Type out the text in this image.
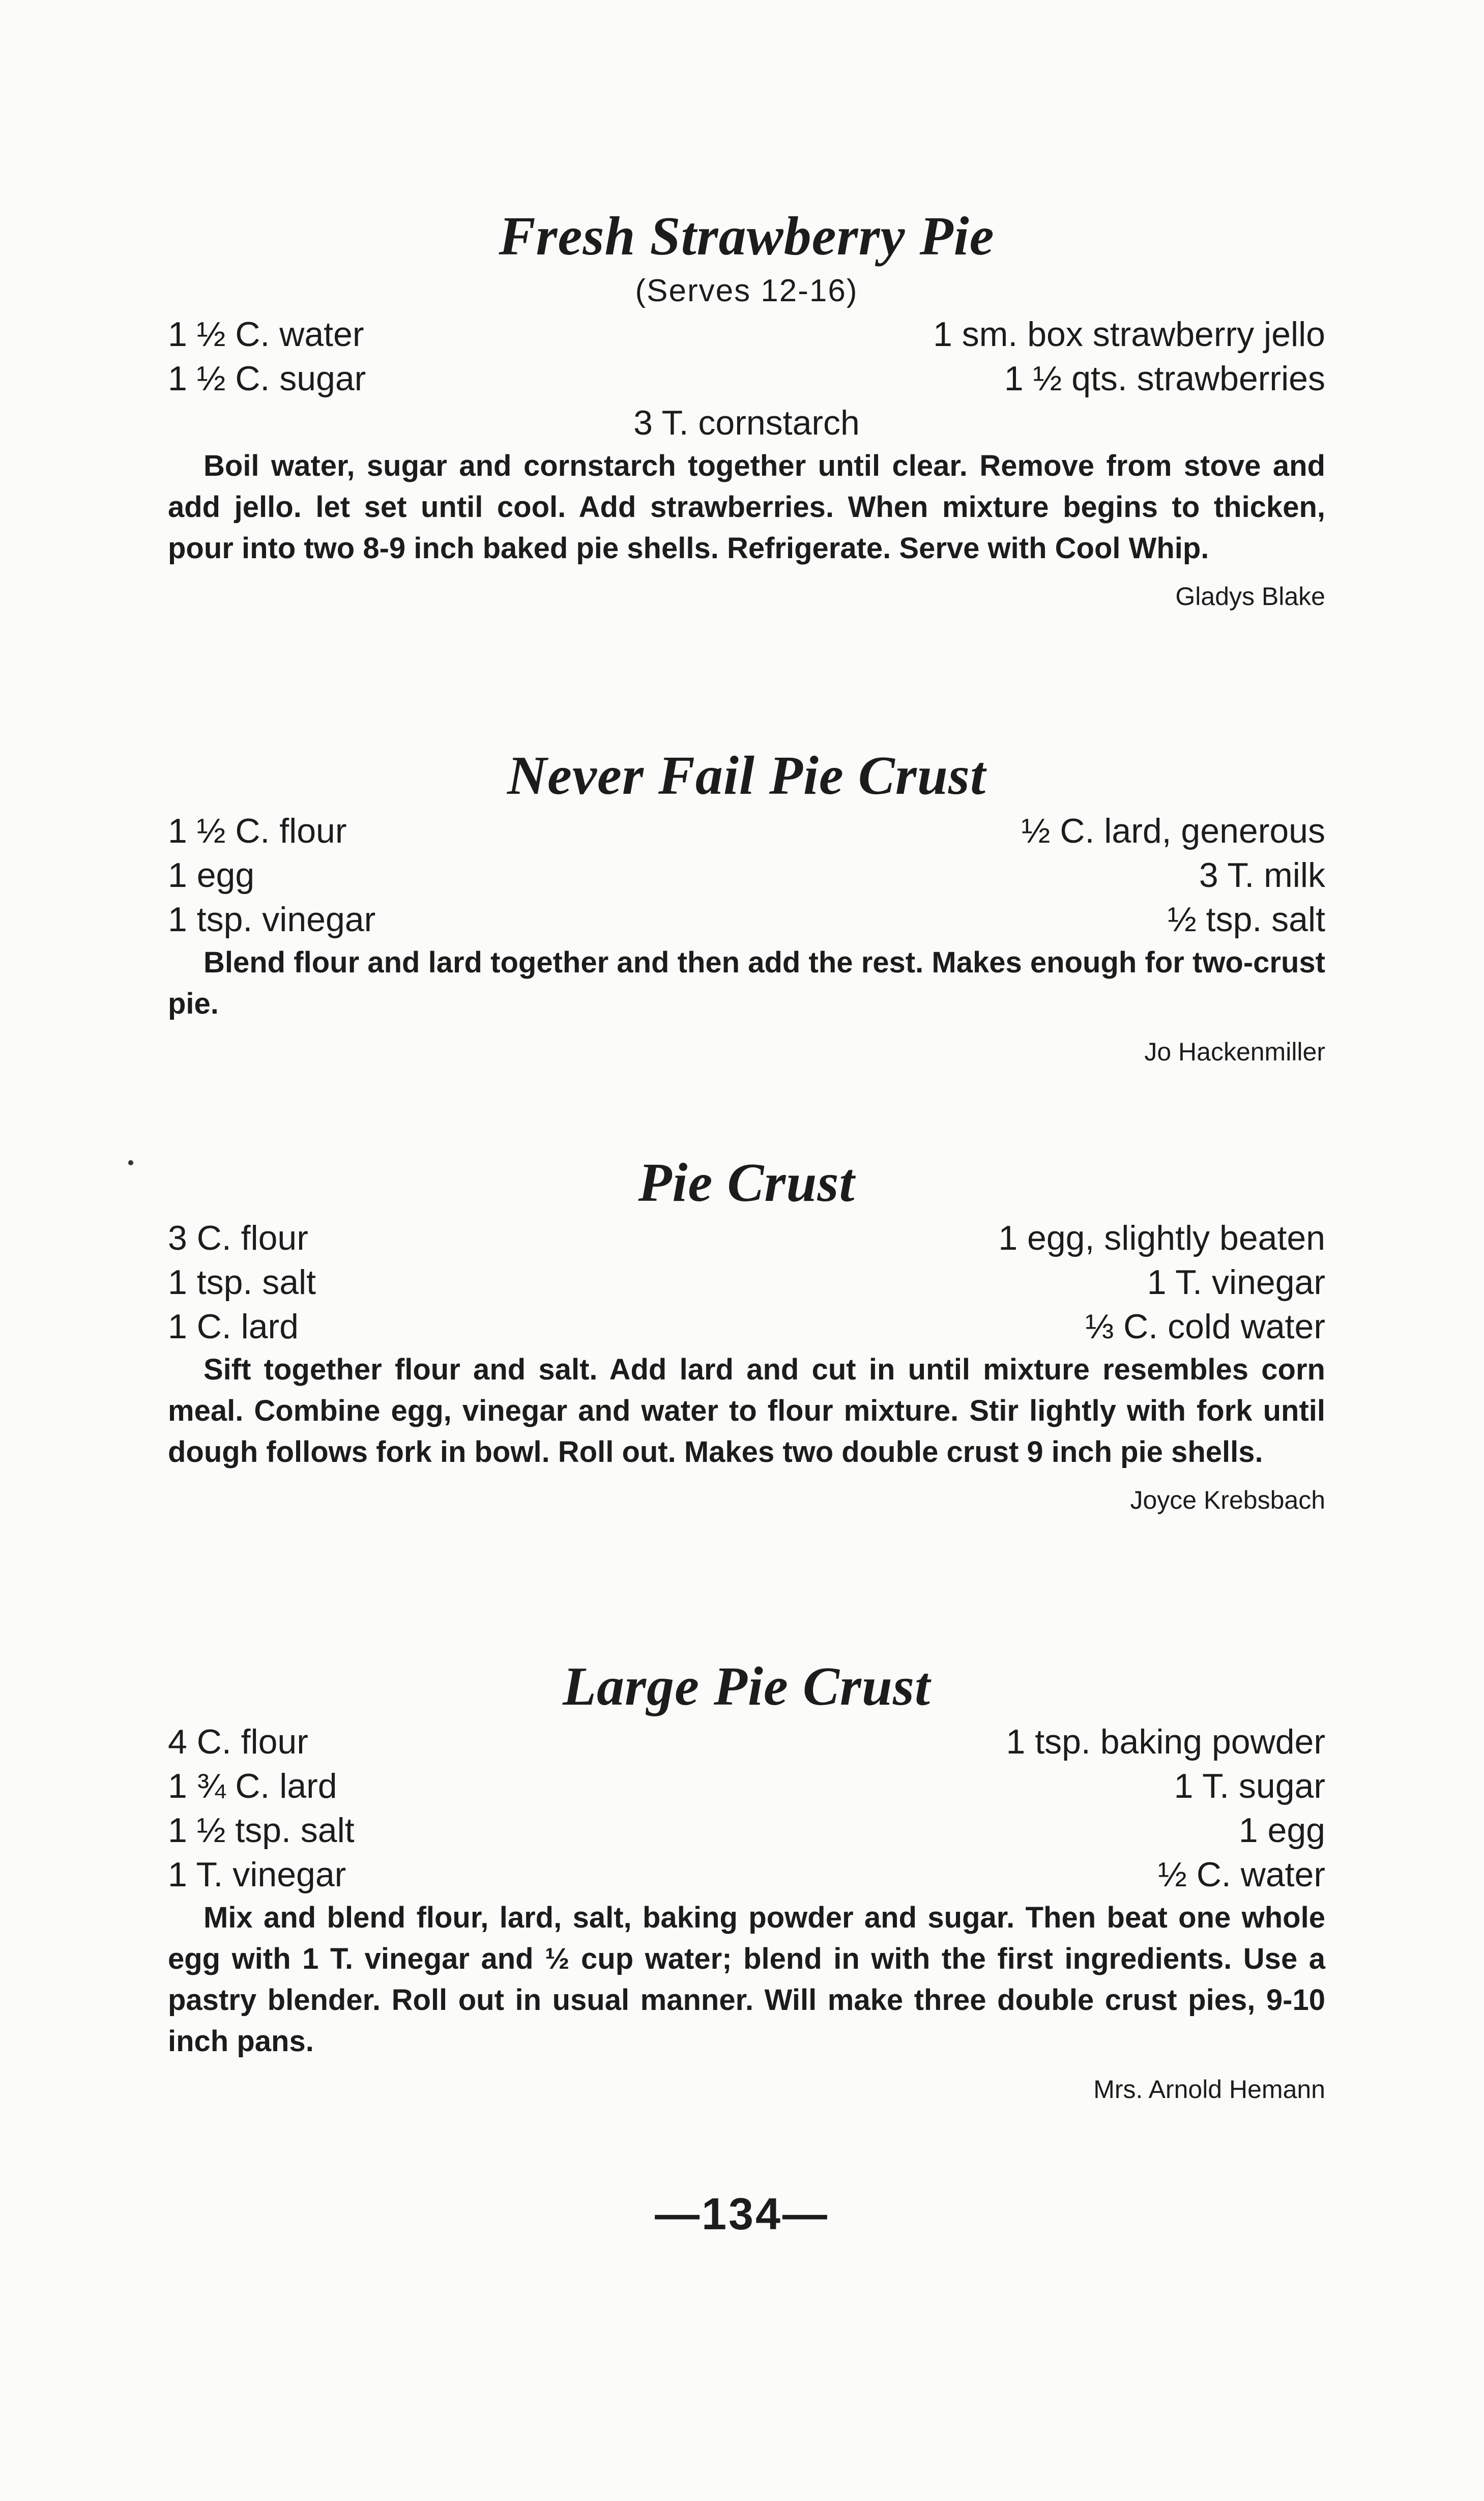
Fresh Strawberry Pie
(Serves 12-16)
1 ½ C. water	1 sm. box strawberry jello
1 ½ C. sugar	1 ½ qts. strawberries
3 T. cornstarch

Boil water, sugar and cornstarch together until clear. Remove from stove and add jello. let set until cool. Add strawberries. When mixture begins to thicken, pour into two 8-9 inch baked pie shells. Refrigerate. Serve with Cool Whip.

Gladys Blake
Never Fail Pie Crust
1 ½ C. flour	½ C. lard, generous
1 egg	3 T. milk
1 tsp. vinegar	½ tsp. salt

Blend flour and lard together and then add the rest. Makes enough for two-crust pie.

Jo Hackenmiller
Pie Crust
3 C. flour	1 egg, slightly beaten
1 tsp. salt	1 T. vinegar
1 C. lard	⅓ C. cold water

Sift together flour and salt. Add lard and cut in until mixture resembles corn meal. Combine egg, vinegar and water to flour mixture. Stir lightly with fork until dough follows fork in bowl. Roll out. Makes two double crust 9 inch pie shells.

Joyce Krebsbach
Large Pie Crust
4 C. flour	1 tsp. baking powder
1 ¾ C. lard	1 T. sugar
1 ½ tsp. salt	1 egg
1 T. vinegar	½ C. water

Mix and blend flour, lard, salt, baking powder and sugar. Then beat one whole egg with 1 T. vinegar and ½ cup water; blend in with the first ingredients. Use a pastry blender. Roll out in usual manner. Will make three double crust pies, 9-10 inch pans.

Mrs. Arnold Hemann
—134—
